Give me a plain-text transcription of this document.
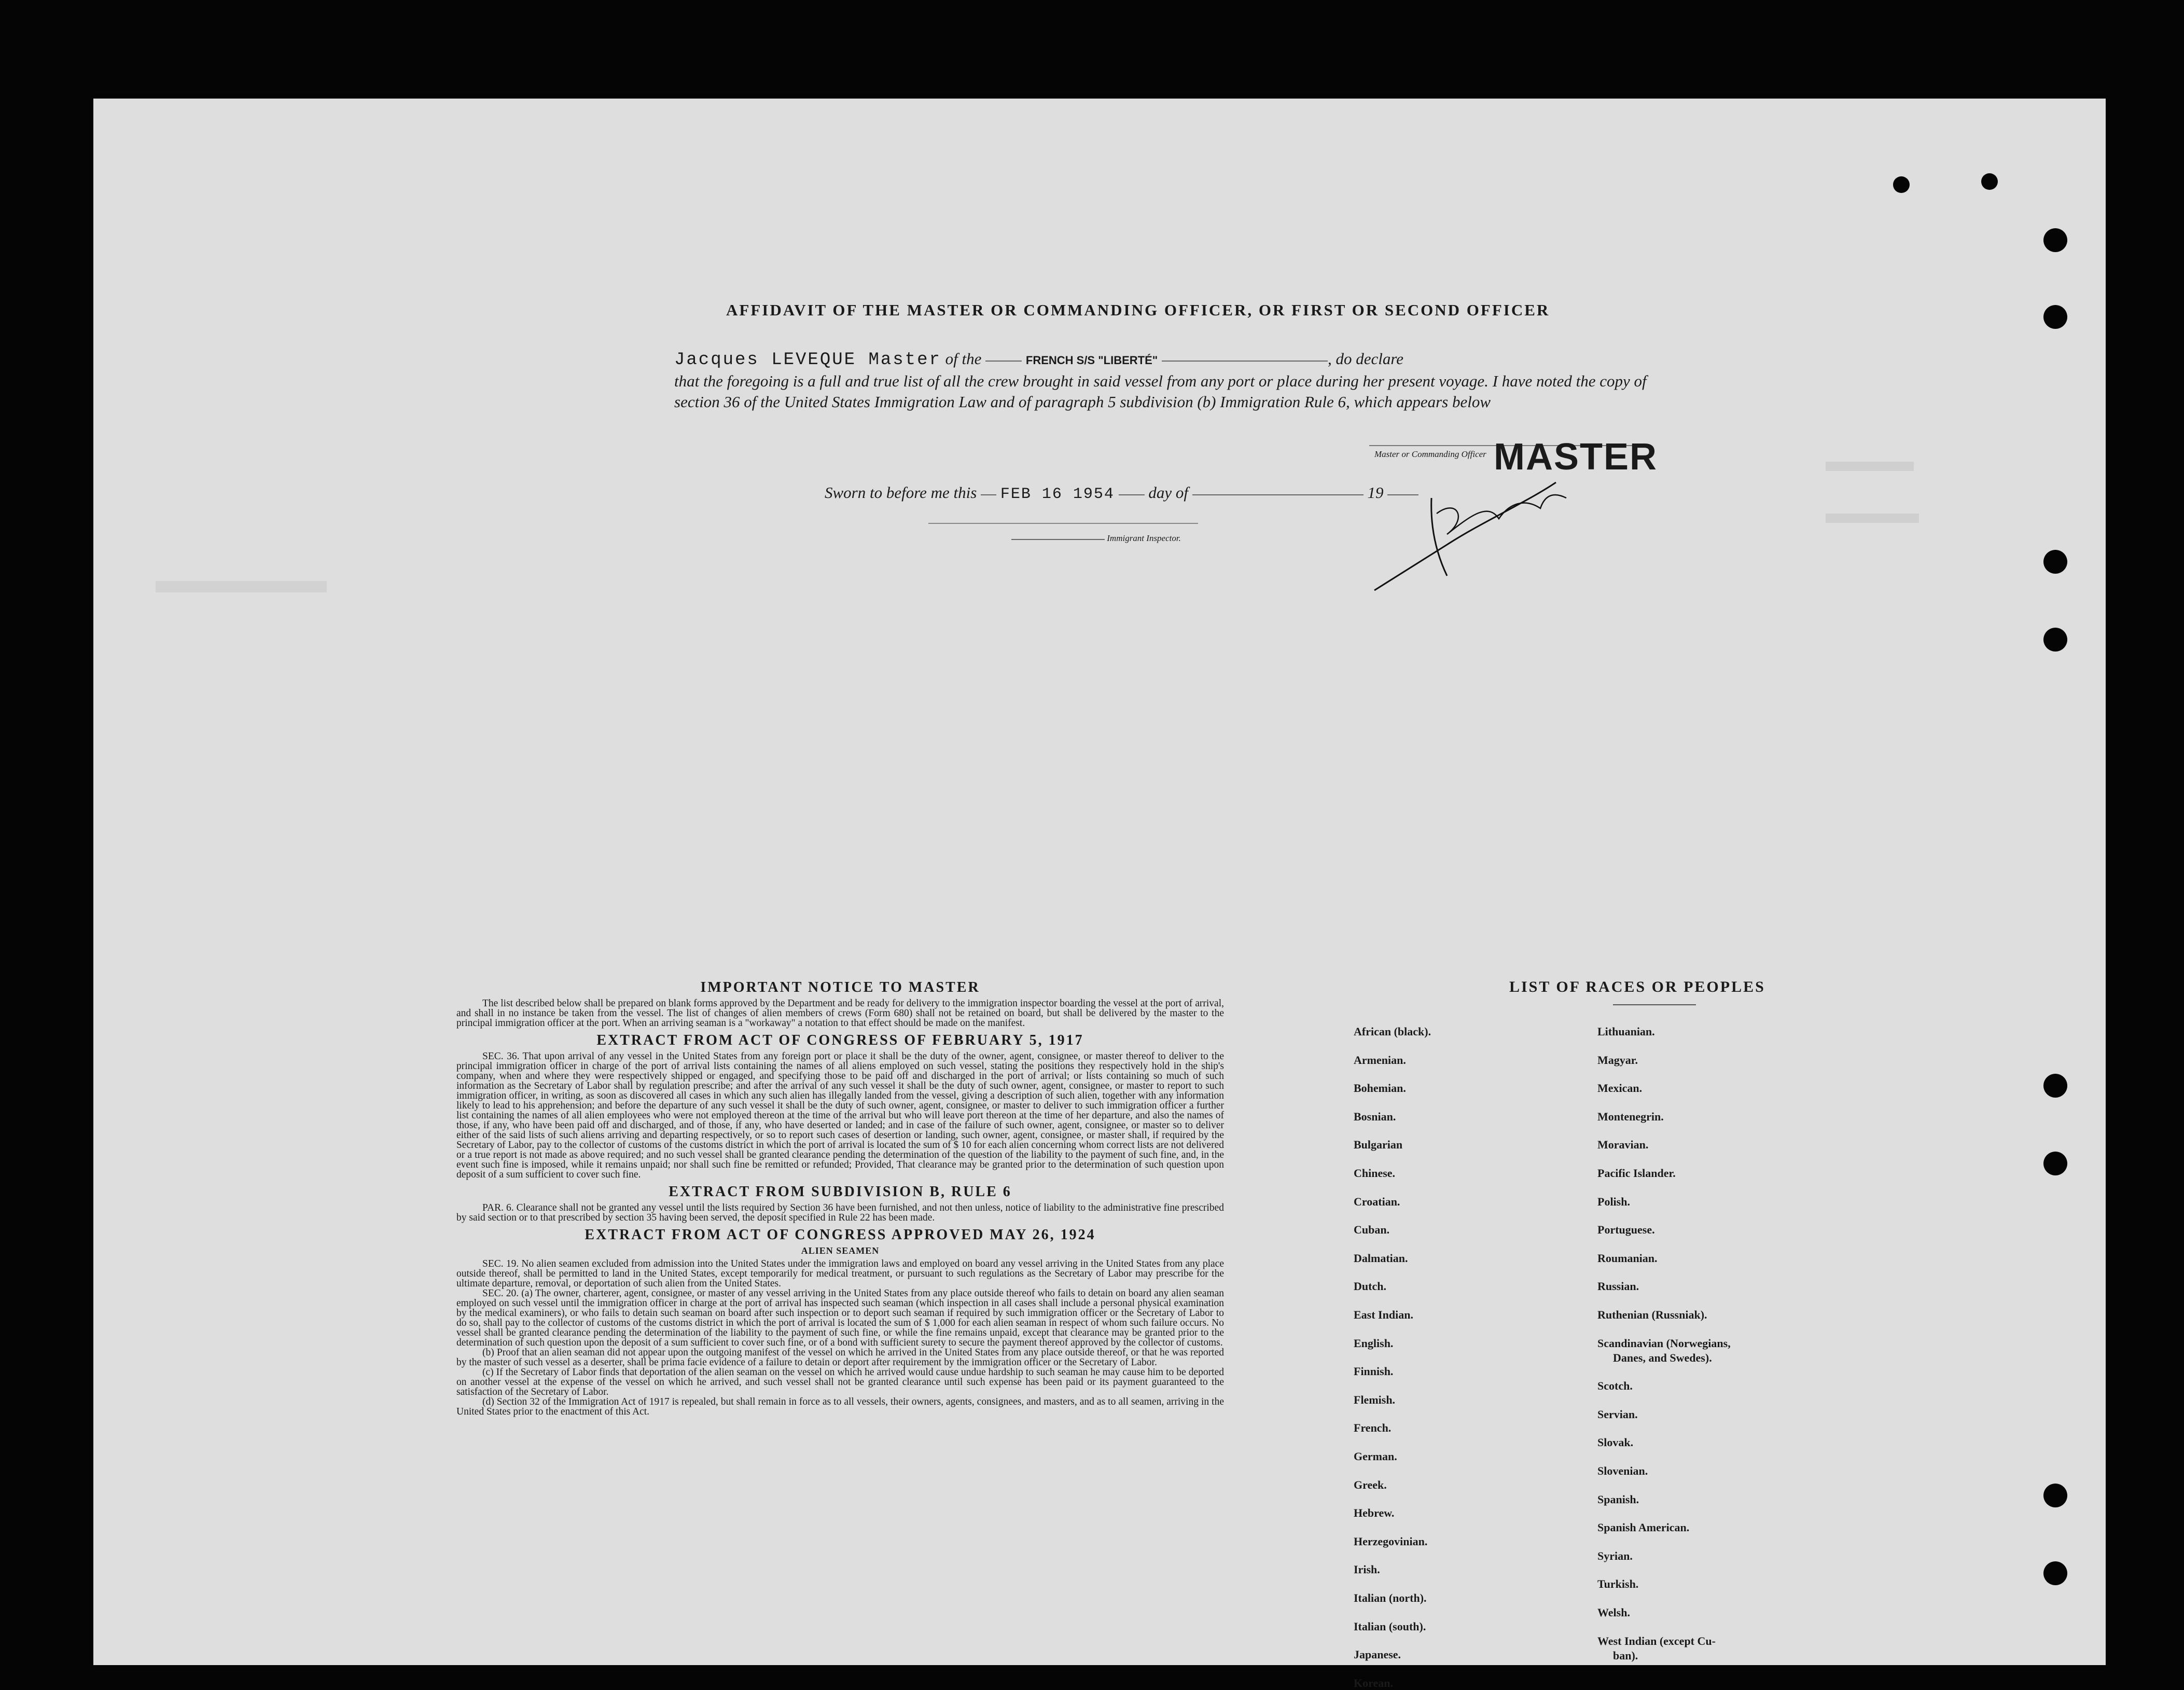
AFFIDAVIT OF THE MASTER OR COMMANDING OFFICER, OR FIRST OR SECOND OFFICER
Jacques LEVEQUE Master of the	FRENCH S/S "LIBERTÉ"	, do declare
that the foregoing is a full and true list of all the crew brought in said vessel from any port or place during her present voyage. I have noted the copy of section 36 of the United States Immigration Law and of paragraph 5 subdivision (b) Immigration Rule 6, which appears below
Master or Commanding Officer MASTER
Sworn to before me this FEB 16 1954 day of	19
Immigrant Inspector.
IMPORTANT NOTICE TO MASTER

The list described below shall be prepared on blank forms approved by the Department and be ready for delivery to the immigration inspector boarding the vessel at the port of arrival, and shall in no instance be taken from the vessel. The list of changes of alien members of crews (Form 680) shall not be retained on board, but shall be delivered by the master to the principal immigration officer at the port. When an arriving seaman is a "workaway" a notation to that effect should be made on the manifest.

EXTRACT FROM ACT OF CONGRESS OF FEBRUARY 5, 1917

SEC. 36. That upon arrival of any vessel in the United States from any foreign port or place it shall be the duty of the owner, agent, consignee, or master thereof to deliver to the principal immigration officer in charge of the port of arrival lists containing the names of all aliens employed on such vessel, stating the positions they respectively hold in the ship's company, when and where they were respectively shipped or engaged, and specifying those to be paid off and discharged in the port of arrival; or lists containing so much of such information as the Secretary of Labor shall by regulation prescribe; and after the arrival of any such vessel it shall be the duty of such owner, agent, consignee, or master to report to such immigration officer, in writing, as soon as discovered all cases in which any such alien has illegally landed from the vessel, giving a description of such alien, together with any information likely to lead to his apprehension; and before the departure of any such vessel it shall be the duty of such owner, agent, consignee, or master to deliver to such immigration officer a further list containing the names of all alien employees who were not employed thereon at the time of the arrival but who will leave port thereon at the time of her departure, and also the names of those, if any, who have been paid off and discharged, and of those, if any, who have deserted or landed; and in case of the failure of such owner, agent, consignee, or master so to deliver either of the said lists of such aliens arriving and departing respectively, or so to report such cases of desertion or landing, such owner, agent, consignee, or master shall, if required by the Secretary of Labor, pay to the collector of customs of the customs district in which the port of arrival is located the sum of $ 10 for each alien concerning whom correct lists are not delivered or a true report is not made as above required; and no such vessel shall be granted clearance pending the determination of the question of the liability to the payment of such fine, and, in the event such fine is imposed, while it remains unpaid; nor shall such fine be remitted or refunded; Provided, That clearance may be granted prior to the determination of such question upon deposit of a sum sufficient to cover such fine.

EXTRACT FROM SUBDIVISION B, RULE 6

PAR. 6. Clearance shall not be granted any vessel until the lists required by Section 36 have been furnished, and not then unless, notice of liability to the administrative fine prescribed by said section or to that prescribed by section 35 having been served, the deposit specified in Rule 22 has been made.

EXTRACT FROM ACT OF CONGRESS APPROVED MAY 26, 1924
ALIEN SEAMEN

SEC. 19. No alien seamen excluded from admission into the United States under the immigration laws and employed on board any vessel arriving in the United States from any place outside thereof, shall be permitted to land in the United States, except temporarily for medical treatment, or pursuant to such regulations as the Secretary of Labor may prescribe for the ultimate departure, removal, or deportation of such alien from the United States.

SEC. 20. (a) The owner, charterer, agent, consignee, or master of any vessel arriving in the United States from any place outside thereof who fails to detain on board any alien seaman employed on such vessel until the immigration officer in charge at the port of arrival has inspected such seaman (which inspection in all cases shall include a personal physical examination by the medical examiners), or who fails to detain such seaman on board after such inspection or to deport such seaman if required by such immigration officer or the Secretary of Labor to do so, shall pay to the collector of customs of the customs district in which the port of arrival is located the sum of $ 1,000 for each alien seaman in respect of whom such failure occurs. No vessel shall be granted clearance pending the determination of the liability to the payment of such fine, or while the fine remains unpaid, except that clearance may be granted prior to the determination of such question upon the deposit of a sum sufficient to cover such fine, or of a bond with sufficient surety to secure the payment thereof approved by the collector of customs.

(b) Proof that an alien seaman did not appear upon the outgoing manifest of the vessel on which he arrived in the United States from any place outside thereof, or that he was reported by the master of such vessel as a deserter, shall be prima facie evidence of a failure to detain or deport after requirement by the immigration officer or the Secretary of Labor.

(c) If the Secretary of Labor finds that deportation of the alien seaman on the vessel on which he arrived would cause undue hardship to such seaman he may cause him to be deported on another vessel at the expense of the vessel on which he arrived, and such vessel shall not be granted clearance until such expense has been paid or its payment guaranteed to the satisfaction of the Secretary of Labor.

(d) Section 32 of the Immigration Act of 1917 is repealed, but shall remain in force as to all vessels, their owners, agents, consignees, and masters, and as to all seamen, arriving in the United States prior to the enactment of this Act.

LIST OF RACES OR PEOPLES
African (black).
Armenian.
Bohemian.
Bosnian.
Bulgarian
Chinese.
Croatian.
Cuban.
Dalmatian.
Dutch.
East Indian.
English.
Finnish.
Flemish.
French.
German.
Greek.
Hebrew.
Herzegovinian.
Irish.
Italian (north).
Italian (south).
Japanese.
Korean.
Lithuanian.
Magyar.
Mexican.
Montenegrin.
Moravian.
Pacific Islander.
Polish.
Portuguese.
Roumanian.
Russian.
Ruthenian (Russniak).
Scandinavian (Norwegians,
Danes, and Swedes).
Scotch.
Servian.
Slovak.
Slovenian.
Spanish.
Spanish American.
Syrian.
Turkish.
Welsh.
West Indian (except Cu-
ban).
